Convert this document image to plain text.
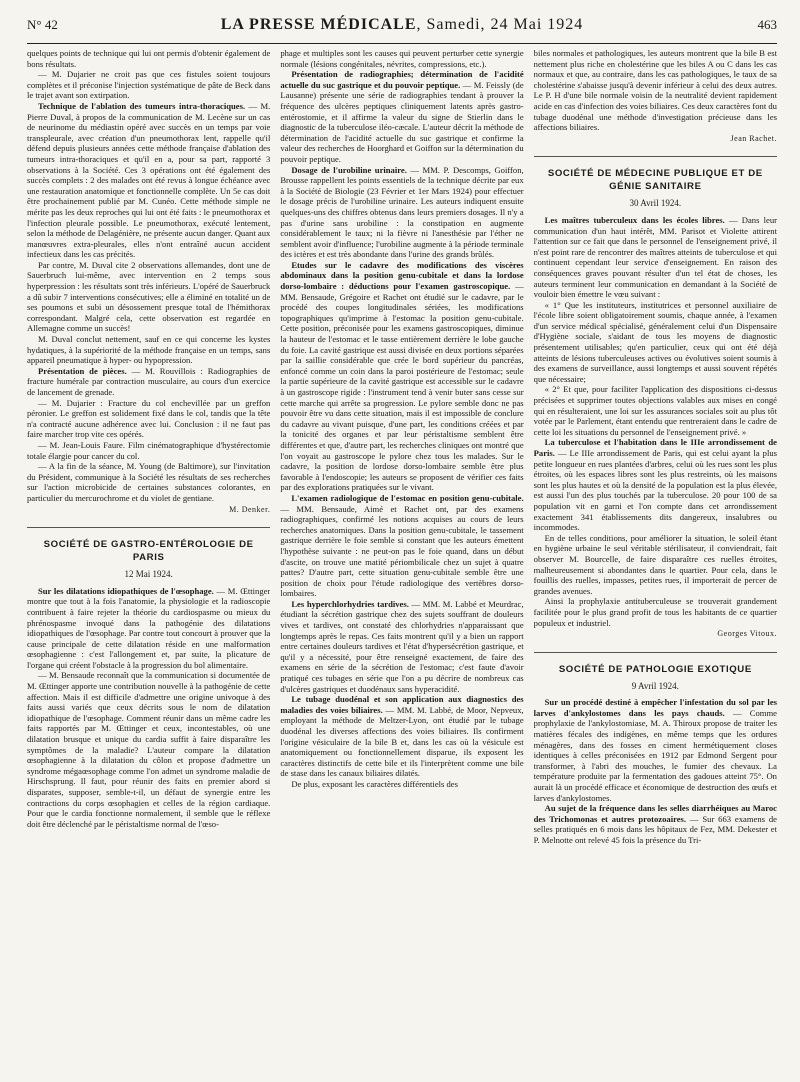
N° 42	LA PRESSE MÉDICALE, Samedi, 24 Mai 1924	463

quelques points de technique qui lui ont permis d'obtenir également de bons résultats.

— M. Dujarier ne croit pas que ces fistules soient toujours complètes et il préconise l'injection systématique de pâte de Beck dans le trajet avant son extirpation.

Technique de l'ablation des tumeurs intra-thoraciques. — M. Pierre Duval, à propos de la communication de M. Lecène sur un cas de neurinome du médiastin opéré avec succès en un temps par voie transpleurale, avec création d'un pneumothorax lent, rappelle qu'il défend depuis plusieurs années cette méthode française d'ablation des tumeurs intra-thoraciques et qu'il en a, pour sa part, rapporté 3 observations à la Société. Ces 3 opérations ont été également des succès complets : 2 des malades ont été revus à longue échéance avec une restauration anatomique et fonctionnelle complète. Un 5e cas doit être prochainement publié par M. Cunéo. Cette méthode simple ne mérite pas les deux reproches qui lui ont été faits : le pneumothorax et l'infection pleurale possible. Le pneumothorax, exécuté lentement, selon la méthode de Delagénière, ne présente aucun danger. Quant aux manœuvres extra-pleurales, elles n'ont entraîné aucun accident infectieux dans les cas précités.

Par contre, M. Duval cite 2 observations allemandes, dont une de Sauerbruch lui-même, avec intervention en 2 temps sous hyperpression : les résultats sont très inférieurs. L'opéré de Sauerbruck a dû subir 7 interventions consécutives; elle a éliminé en totalité un de ses poumons et subi un désossement presque total de l'hémithorax correspondant. Malgré cela, cette observation est regardée en Allemagne comme un succès!

M. Duval conclut nettement, sauf en ce qui concerne les kystes hydatiques, à la supériorité de la méthode française en un temps, sans appareil pneumatique à hyper- ou hypopression.

Présentation de pièces. — M. Rouvillois : Radiographies de fracture humérale par contraction musculaire, au cours d'un exercice de lancement de grenade.

— M. Dujarier : Fracture du col enchevillée par un greffon péronier. Le greffon est solidement fixé dans le col, tandis que la tête n'a contracté aucune adhérence avec lui. Conclusion : il ne faut pas faire marcher trop vite ces opérés.

— M. Jean-Louis Faure. Film cinématographique d'hystérectomie totale élargie pour cancer du col.

— A la fin de la séance, M. Young (de Baltimore), sur l'invitation du Président, communique à la Société les résultats de ses recherches sur l'action microbicide de certaines substances colorantes, en particulier du mercurochrome et du violet de gentiane.

M. Denker.
SOCIÉTÉ DE GASTRO-ENTÉROLOGIE DE PARIS
12 Mai 1924.

Sur les dilatations idiopathiques de l'œsophage. — M. Œttinger montre que tout à la fois l'anatomie, la physiologie et la radioscopie contribuent à faire rejeter la théorie du cardiospasme ou mieux du phrénospasme invoqué dans la pathogénie des dilatations idiopathiques de l'œsophage. Par contre tout concourt à prouver que la cause principale de cette dilatation réside en une malformation œsophagienne : c'est l'allongement et, par suite, la plicature de l'organe qui créent l'obstacle à la progression du bol alimentaire.

— M. Bensaude reconnaît que la communication si documentée de M. Œttinger apporte une contribution nouvelle à la pathogénie de cette affection. Mais il est difficile d'admettre une origine univoque à des faits aussi variés que ceux décrits sous le nom de dilatation idiopathique de l'œsophage. Comment réunir dans un même cadre les faits rapportés par M. Œttinger et ceux, incontestables, où une dilatation brusque et unique du cardia suffit à faire disparaître les symptômes de la maladie? L'auteur compare la dilatation œsophagienne à la dilatation du côlon et propose d'admettre un syndrome mégaœsophage comme l'on admet un syndrome maladie de Hirschsprung. Il faut, pour réunir des faits en premier abord si disparates, supposer, semble-t-il, un défaut de synergie entre les contractions du corps œsophagien et celles de la région cardiaque. Pour que le cardia fonctionne normalement, il semble que le réflexe doit être déclenché par le péristaltisme normal de l'œso-

phage et multiples sont les causes qui peuvent perturber cette synergie normale (lésions congénitales, névrites, compressions, etc.).

Présentation de radiographies; détermination de l'acidité actuelle du suc gastrique et du pouvoir peptique. — M. Feissly (de Lausanne) présente une série de radiographies tendant à prouver la fréquence des ulcères peptiques cliniquement latents après gastro-entérostomie, et il affirme la valeur du signe de Stierlin dans le diagnostic de la tuberculose iléo-cæcale. L'auteur décrit la méthode de détermination de l'acidité actuelle du suc gastrique et confirme la valeur des recherches de Hoorghard et Goiffon sur la détermination du pouvoir peptique.

Dosage de l'urobiline urinaire. — MM. P. Descomps, Goiffon, Brousse rappellent les points essentiels de la technique décrite par eux à la Société de Biologie (23 Février et 1er Mars 1924) pour effectuer le dosage précis de l'urobiline urinaire. Les auteurs indiquent ensuite quelques-uns des chiffres obtenus dans leurs premiers dosages. Il n'y a pas d'urine sans urobiline : la constipation en augmente considérablement le taux; ni la fièvre ni l'anesthésie par l'éther ne semblent avoir d'influence; l'urobiline augmente à la période terminale des ictères et est très abondante dans l'urine des grands brûlés.

Etudes sur le cadavre des modifications des viscères abdominaux dans la position genu-cubitale et dans la lordose dorso-lombaire : déductions pour l'examen gastroscopique. — MM. Bensaude, Grégoire et Rachet ont étudié sur le cadavre, par le procédé des coupes longitudinales sériées, les modifications topographiques qu'imprime à l'estomac la position genu-cubitale. Cette position, préconisée pour les examens gastroscopiques, diminue la hauteur de l'estomac et le tasse entièrement derrière le lobe gauche du foie. La cavité gastrique est aussi divisée en deux portions séparées par la saillie considérable que crée le bord supérieur du pancréas, enfoncé comme un coin dans la paroi postérieure de l'estomac; seule la partie supérieure de la cavité gastrique est accessible sur le cadavre à un gastroscope rigide : l'instrument tend à venir buter sans cesse sur cette marche qui arrête sa progression. Le pylore semble donc ne pas pouvoir être vu dans cette situation, mais il est impossible de conclure du cadavre au vivant puisque, d'une part, les conditions créées et par la tonicité des organes et par leur péristaltisme semblent être différentes et que, d'autre part, les recherches cliniques ont montré que l'on voyait au gastroscope le pylore chez tous les malades. Sur le cadavre, la position de lordose dorso-lombaire semble être plus favorable à l'endoscopie; les auteurs se proposent de vérifier ces faits par des explorations pratiquées sur le vivant.

L'examen radiologique de l'estomac en position genu-cubitale. — MM. Bensaude, Aimé et Rachet ont, par des examens radiographiques, confirmé les notions acquises au cours de leurs recherches anatomiques. Dans la position genu-cubitale, le tassement gastrique derrière le foie semble si constant que les auteurs émettent l'hypothèse suivante : ne peut-on pas le foie quand, dans un début d'ascite, on trouve une matité périombilicale chez un sujet à quatre pattes? D'autre part, cette situation genu-cubitale semble être une position de choix pour l'étude radiologique des vertèbres dorso-lombaires.

Les hyperchlorhydries tardives. — MM. M. Labbé et Meurdrac, étudiant la sécrétion gastrique chez des sujets souffrant de douleurs vives et tardives, ont constaté des chlorhydries n'apparaissant que longtemps après le repas. Ces faits montrent qu'il y a bien un rapport entre certaines douleurs tardives et l'état d'hypersécrétion gastrique, et qu'il y a nécessité, pour être renseigné exactement, de faire des examens en série de la sécrétion de l'estomac; c'est faute d'avoir pratiqué ces tubages en série que l'on a pu décrire de nombreux cas d'ulcères gastriques et duodénaux sans hyperacidité.

Le tubage duodénal et son application aux diagnostics des maladies des voies biliaires. — MM. M. Labbé, de Moor, Nepveux, employant la méthode de Meltzer-Lyon, ont étudié par le tubage duodénal les diverses affections des voies biliaires. Ils confirment l'origine vésiculaire de la bile B et, dans les cas où la vésicule est anatomiquement ou fonctionnellement disparue, ils exposent les caractères distinctifs de cette bile et ils l'interprètent comme une bile de stase dans les canaux biliaires dilatés.

De plus, exposant les caractères différentiels des

biles normales et pathologiques, les auteurs montrent que la bile B est nettement plus riche en cholestérine que les biles A ou C dans les cas normaux et que, au contraire, dans les cas pathologiques, le taux de sa cholestérine s'abaisse jusqu'à devenir inférieur à celui des deux autres. Le P. H d'une bile normale voisin de la neutralité devient rapidement acide en cas d'infection des voies biliaires. Ces deux caractères font du tubage duodénal une méthode d'investigation précieuse dans les affections biliaires.

Jean Rachet.
SOCIÉTÉ DE MÉDECINE PUBLIQUE ET DE GÉNIE SANITAIRE
30 Avril 1924.

Les maîtres tuberculeux dans les écoles libres. — Dans leur communication d'un haut intérêt, MM. Parisot et Violette attirent l'attention sur ce fait que dans le personnel de l'enseignement privé, il n'est point rare de rencontrer des maîtres atteints de tuberculose et qui continuent cependant leur service d'enseignement. En raison des conséquences graves pouvant résulter d'un tel état de choses, les auteurs terminent leur communication en demandant à la Société de vouloir bien émettre le vœu suivant :

« 1° Que les instituteurs, institutrices et personnel auxiliaire de l'école libre soient obligatoirement soumis, chaque année, à l'examen d'un service médical spécialisé, généralement celui d'un Dispensaire d'Hygiène sociale, s'aidant de tous les moyens de diagnostic présentement utilisables; qu'en particulier, ceux qui ont été déjà atteints de lésions tuberculeuses actives ou évolutives soient soumis à des examens de surveillance, aussi longtemps et aussi souvent répétés que nécessaire;

« 2° Et que, pour faciliter l'application des dispositions ci-dessus précisées et supprimer toutes objections valables aux mises en congé qui en résulteraient, une loi sur les assurances sociales soit au plus tôt votée par le Parlement, étant entendu que rentreraient dans le cadre de cette loi les situations du personnel de l'enseignement privé. »

La tuberculose et l'habitation dans le IIIe arrondissement de Paris. — Le IIIe arrondissement de Paris, qui est celui ayant la plus petite longueur en rues plantées d'arbres, celui où les rues sont les plus étroites, où les espaces libres sont les plus restreints, où les maisons sont les plus hautes et où la densité de la population est la plus élevée, est aussi l'un des plus touchés par la tuberculose. 20 pour 100 de sa population vit en garni et l'on compte dans cet arrondissement exactement 341 établissements dits dangereux, insalubres ou incommodes.

En de telles conditions, pour améliorer la situation, le soleil étant en hygiène urbaine le seul véritable stérilisateur, il conviendrait, fait observer M. Bourcelle, de faire disparaître ces ruelles étroites, malheureusement si abondantes dans le quartier. Pour cela, dans le fouillis des ruelles, impasses, petites rues, il importerait de percer de grandes avenues.

Ainsi la prophylaxie antituberculeuse se trouverait grandement facilitée pour le plus grand profit de tous les habitants de ce quartier populeux et industriel.

Georges Vitoux.
SOCIÉTÉ DE PATHOLOGIE EXOTIQUE
9 Avril 1924.

Sur un procédé destiné à empêcher l'infestation du sol par les larves d'ankylostomes dans les pays chauds. — Comme prophylaxie de l'ankylostomiase, M. A. Thiroux propose de traiter les matières fécales des indigènes, en même temps que les ordures ménagères, dans des fosses en ciment hermétiquement closes identiques à celles préconisées en 1912 par Edmond Sergent pour transformer, à l'abri des mouches, le fumier des chevaux. La température produite par la fermentation des gadoues atteint 75°. On aurait là un procédé efficace et économique de destruction des œufs et larves d'ankylostomes.

Au sujet de la fréquence dans les selles diarrhéiques au Maroc des Trichomonas et autres protozoaires. — Sur 663 examens de selles pratiqués en 6 mois dans les hôpitaux de Fez, MM. Dekester et P. Melnotte ont relevé 45 fois la présence du Tri-
